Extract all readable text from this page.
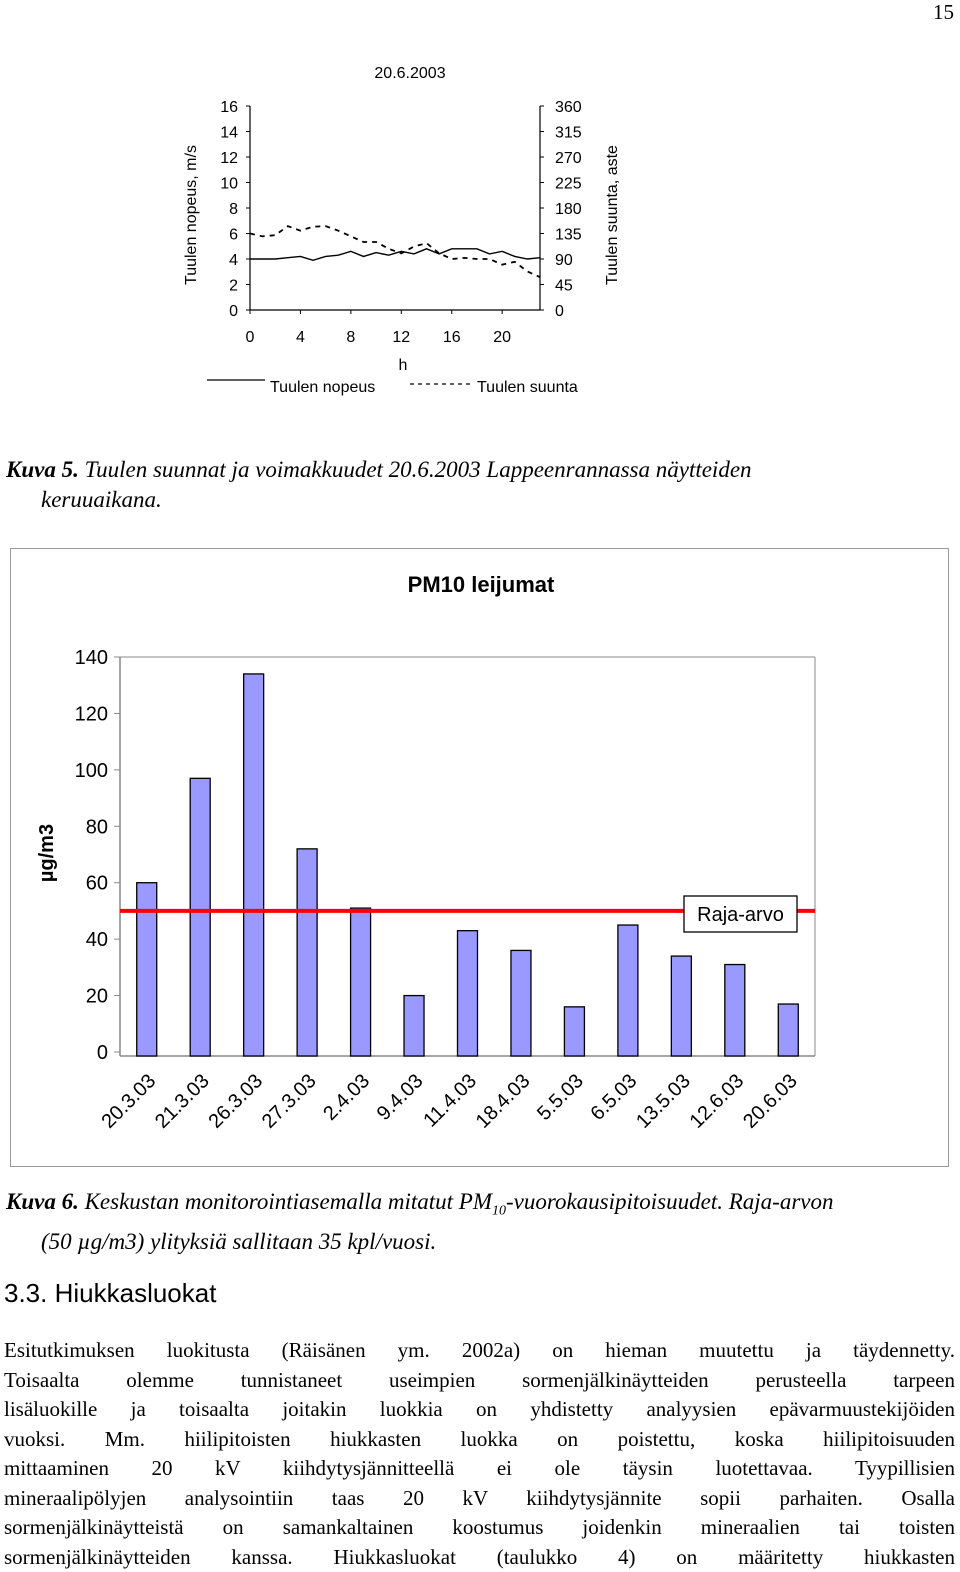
15
20.6.2003
0
2
4
6
8
10
12
14
16
0
45
90
135
180
225
270
315
360
0	4	8 12 16 20
Tuulen nopeus, m/s	Tuulen suunta, aste
h
Tuulen nopeus	Tuulen suunta
Kuva 5. Tuulen suunnat ja voimakkuudet 20.6.2003 Lappeenrannassa näytteiden
keruuaikana.
PM10 leijumat
µg/m3
0
20
40
60
80
100
120
140
20.3.03
21.3.03
26.3.03
27.3.03
2.4.03
9.4.03
11.4.03
18.4.03
5.5.03
6.5.03
13.5.03
12.6.03
20.6.03
Raja-arvo
Kuva 6. Keskustan monitorointiasemalla mitatut $PM_{10}$-vuorokausipitoisuudet. Raja-arvon
(50 µg/m3) ylityksiä sallitaan 35 kpl/vuosi.
3.3. Hiukkasluokat
Esitutkimuksen luokitusta (Räisänen ym. 2002a) on hieman muutettu ja täydennetty.
Toisaalta olemme tunnistaneet useimpien sormenjälkinäytteiden perusteella tarpeen
lisäluokille ja toisaalta joitakin luokkia on yhdistetty analyysien epävarmuustekijöiden
vuoksi. Mm. hiilipitoisten hiukkasten luokka on poistettu, koska hiilipitoisuuden
mittaaminen 20 kV kiihdytysjännitteellä ei ole täysin luotettavaa. Tyypillisien
mineraalipölyjen analysointiin taas 20 kV kiihdytysjännite sopii parhaiten. Osalla
sormenjälkinäytteistä on samankaltainen koostumus joidenkin mineraalien tai toisten
sormenjälkinäytteiden kanssa. Hiukkasluokat (taulukko 4) on määritetty hiukkasten
